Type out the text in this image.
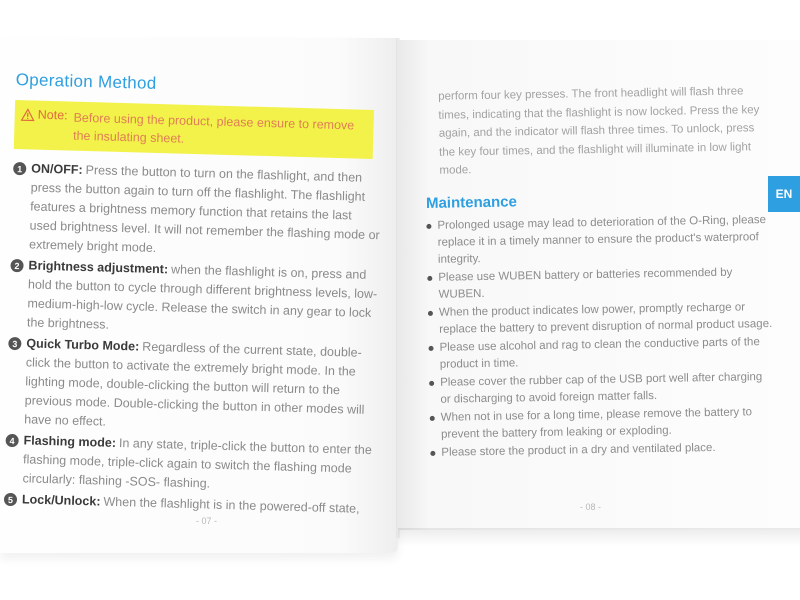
Operation Method
Note: Before using the product, please ensure to remove the insulating sheet.
1 ON/OFF: Press the button to turn on the flashlight, and then press the button again to turn off the flashlight. The flashlight features a brightness memory function that retains the last used brightness level. It will not remember the flashing mode or extremely bright mode.
2 Brightness adjustment: when the flashlight is on, press and hold the button to cycle through different brightness levels, low-medium-high-low cycle. Release the switch in any gear to lock the brightness.
3 Quick Turbo Mode: Regardless of the current state, double-click the button to activate the extremely bright mode. In the lighting mode, double-clicking the button will return to the previous mode. Double-clicking the button in other modes will have no effect.
4 Flashing mode: In any state, triple-click the button to enter the flashing mode, triple-click again to switch the flashing mode circularly: flashing -SOS- flashing.
5 Lock/Unlock: When the flashlight is in the powered-off state,
- 07 -

perform four key presses. The front headlight will flash three times, indicating that the flashlight is now locked. Press the key again, and the indicator will flash three times. To unlock, press the key four times, and the flashlight will illuminate in low light mode.

Maintenance
Prolonged usage may lead to deterioration of the O-Ring, please replace it in a timely manner to ensure the product's waterproof integrity.
Please use WUBEN battery or batteries recommended by WUBEN.
When the product indicates low power, promptly recharge or replace the battery to prevent disruption of normal product usage.
Please use alcohol and rag to clean the conductive parts of the product in time.
Please cover the rubber cap of the USB port well after charging or discharging to avoid foreign matter falls.
When not in use for a long time, please remove the battery to prevent the battery from leaking or exploding.
Please store the product in a dry and ventilated place.
- 08 -
EN
